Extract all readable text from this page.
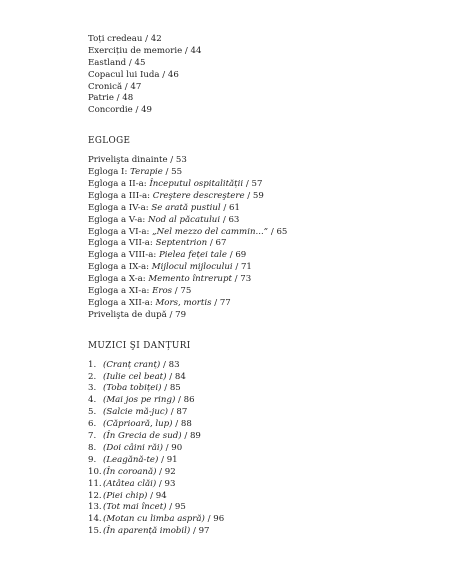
Toți credeau / 42
Exercițiu de memorie / 44
Eastland / 45
Copacul lui Iuda / 46
Cronică / 47
Patrie / 48
Concordie / 49
EGLOGE
Privelişta dinainte / 53
Egloga I: Terapie / 55
Egloga a II-a: Începutul ospitalității / 57
Egloga a III-a: Creştere descreştere / 59
Egloga a IV-a: Se arată pustiul / 61
Egloga a V-a: Nod al păcatului / 63
Egloga a VI-a: „Nel mezzo del cammin...” / 65
Egloga a VII-a: Septentrion / 67
Egloga a VIII-a: Pielea feței tale / 69
Egloga a IX-a: Mijlocul mijlocului / 71
Egloga a X-a: Memento întrerupt / 73
Egloga a XI-a: Eros / 75
Egloga a XII-a: Mors, mortis / 77
Privelişta de după / 79
MUZICI ŞI DANȚURI
1. (Cranț cranț) / 83
2. (Iulie cel beat) / 84
3. (Toba tobiței) / 85
4. (Mai jos pe ring) / 86
5. (Salcie mă-juc) / 87
6. (Căprioară, lup) / 88
7. (În Grecia de sud) / 89
8. (Doi câini răi) / 90
9. (Leagănă-te) / 91
10.(În coroană) / 92
11.(Atâtea clăi) / 93
12.(Piei chip) / 94
13.(Tot mai încet) / 95
14.(Motan cu limba aspră) / 96
15.(În aparență imobil) / 97
